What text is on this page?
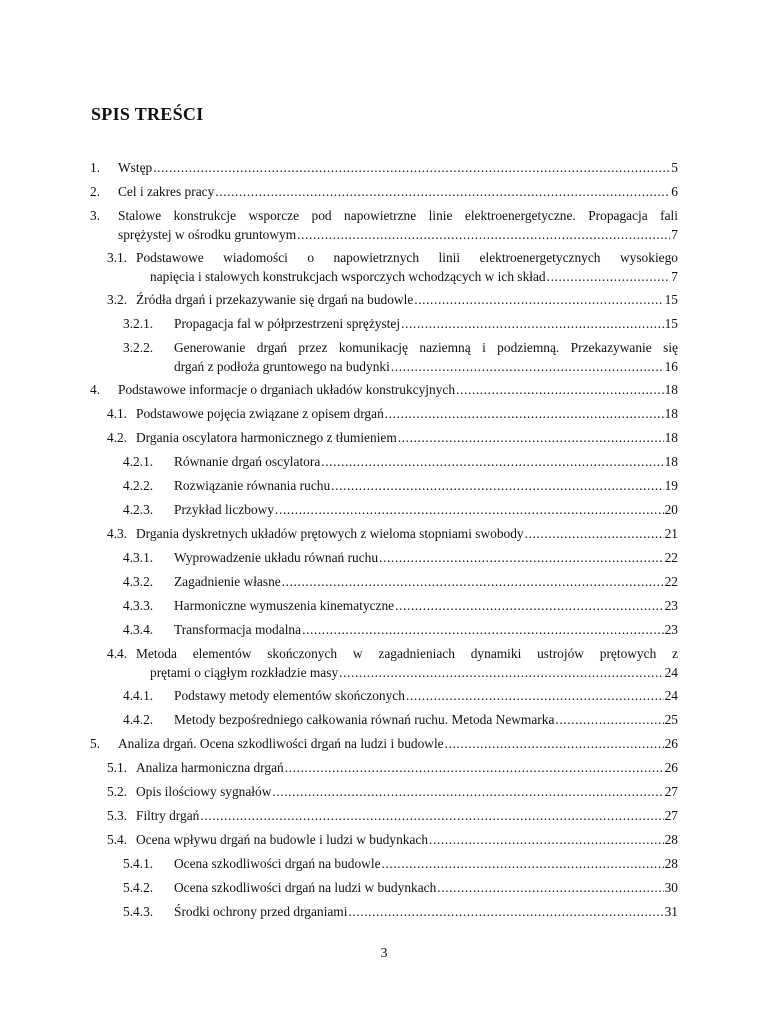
SPIS TREŚCI
1. Wstęp .....	5
2. Cel i zakres pracy .....	6
3. Stalowe konstrukcje wsporcze pod napowietrzne linie elektroenergetyczne. Propagacja fali
sprężystej w ośrodku gruntowym .....	7
3.1. Podstawowe wiadomości o napowietrznych linii elektroenergetycznych wysokiego
napięcia i stalowych konstrukcjach wsporczych wchodzących w ich skład .....	7
3.2. Źródła drgań i przekazywanie się drgań na budowle .....	15
3.2.1. Propagacja fal w półprzestrzeni sprężystej .....	15
3.2.2. Generowanie drgań przez komunikację naziemną i podziemną. Przekazywanie się
drgań z podłoża gruntowego na budynki .....	16
4. Podstawowe informacje o drganiach układów konstrukcyjnych .....	18
4.1. Podstawowe pojęcia związane z opisem drgań .....	18
4.2. Drgania oscylatora harmonicznego z tłumieniem .....	18
4.2.1. Równanie drgań oscylatora .....	18
4.2.2. Rozwiązanie równania ruchu .....	19
4.2.3. Przykład liczbowy .....	20
4.3. Drgania dyskretnych układów prętowych z wieloma stopniami swobody .....	21
4.3.1. Wyprowadzenie układu równań ruchu .....	22
4.3.2. Zagadnienie własne .....	22
4.3.3. Harmoniczne wymuszenia kinematyczne .....	23
4.3.4. Transformacja modalna .....	23
4.4. Metoda elementów skończonych w zagadnieniach dynamiki ustrojów prętowych z
prętami o ciągłym rozkładzie masy .....	24
4.4.1. Podstawy metody elementów skończonych .....	24
4.4.2. Metody bezpośredniego całkowania równań ruchu. Metoda Newmarka .....	25
5. Analiza drgań. Ocena szkodliwości drgań na ludzi i budowle .....	26
5.1. Analiza harmoniczna drgań .....	26
5.2. Opis ilościowy sygnałów .....	27
5.3. Filtry drgań .....	27
5.4. Ocena wpływu drgań na budowle i ludzi w budynkach .....	28
5.4.1. Ocena szkodliwości drgań na budowle .....	28
5.4.2. Ocena szkodliwości drgań na ludzi w budynkach .....	30
5.4.3. Środki ochrony przed drganiami .....	31
3
